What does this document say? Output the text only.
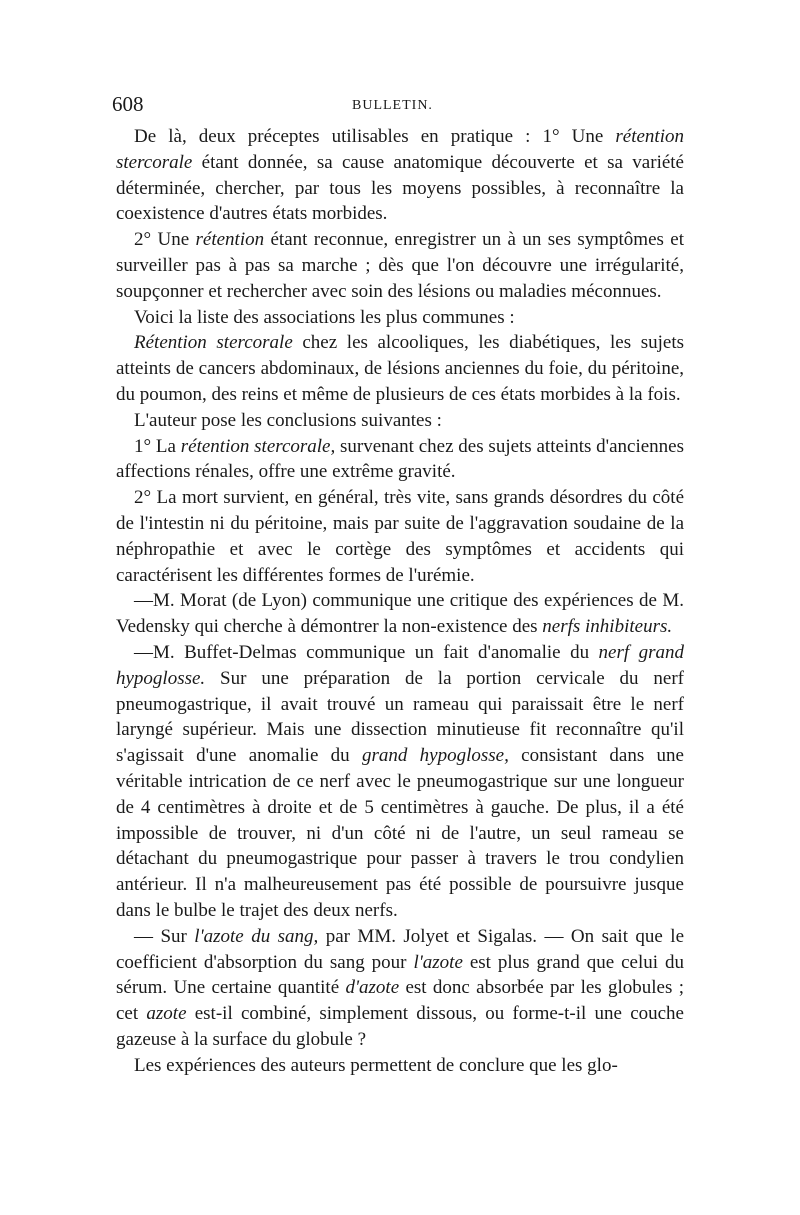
608	BULLETIN.

De là, deux préceptes utilisables en pratique : 1° Une rétention stercorale étant donnée, sa cause anatomique découverte et sa variété déterminée, chercher, par tous les moyens possibles, à reconnaître la coexistence d'autres états morbides.

2° Une rétention étant reconnue, enregistrer un à un ses symptômes et surveiller pas à pas sa marche ; dès que l'on découvre une irrégularité, soupçonner et rechercher avec soin des lésions ou maladies méconnues.

Voici la liste des associations les plus communes :

Rétention stercorale chez les alcooliques, les diabétiques, les sujets atteints de cancers abdominaux, de lésions anciennes du foie, du péritoine, du poumon, des reins et même de plusieurs de ces états morbides à la fois.

L'auteur pose les conclusions suivantes :

1° La rétention stercorale, survenant chez des sujets atteints d'anciennes affections rénales, offre une extrême gravité.

2° La mort survient, en général, très vite, sans grands désordres du côté de l'intestin ni du péritoine, mais par suite de l'aggravation soudaine de la néphropathie et avec le cortège des symptômes et accidents qui caractérisent les différentes formes de l'urémie.

—M. Morat (de Lyon) communique une critique des expériences de M. Vedensky qui cherche à démontrer la non-existence des nerfs inhibiteurs.

—M. Buffet-Delmas communique un fait d'anomalie du nerf grand hypoglosse. Sur une préparation de la portion cervicale du nerf pneumogastrique, il avait trouvé un rameau qui paraissait être le nerf laryngé supérieur. Mais une dissection minutieuse fit reconnaître qu'il s'agissait d'une anomalie du grand hypoglosse, consistant dans une véritable intrication de ce nerf avec le pneumogastrique sur une longueur de 4 centimètres à droite et de 5 centimètres à gauche. De plus, il a été impossible de trouver, ni d'un côté ni de l'autre, un seul rameau se détachant du pneumogastrique pour passer à travers le trou condylien antérieur. Il n'a malheureusement pas été possible de poursuivre jusque dans le bulbe le trajet des deux nerfs.

— Sur l'azote du sang, par MM. Jolyet et Sigalas. — On sait que le coefficient d'absorption du sang pour l'azote est plus grand que celui du sérum. Une certaine quantité d'azote est donc absorbée par les globules ; cet azote est-il combiné, simplement dissous, ou forme-t-il une couche gazeuse à la surface du globule ?

Les expériences des auteurs permettent de conclure que les glo-
